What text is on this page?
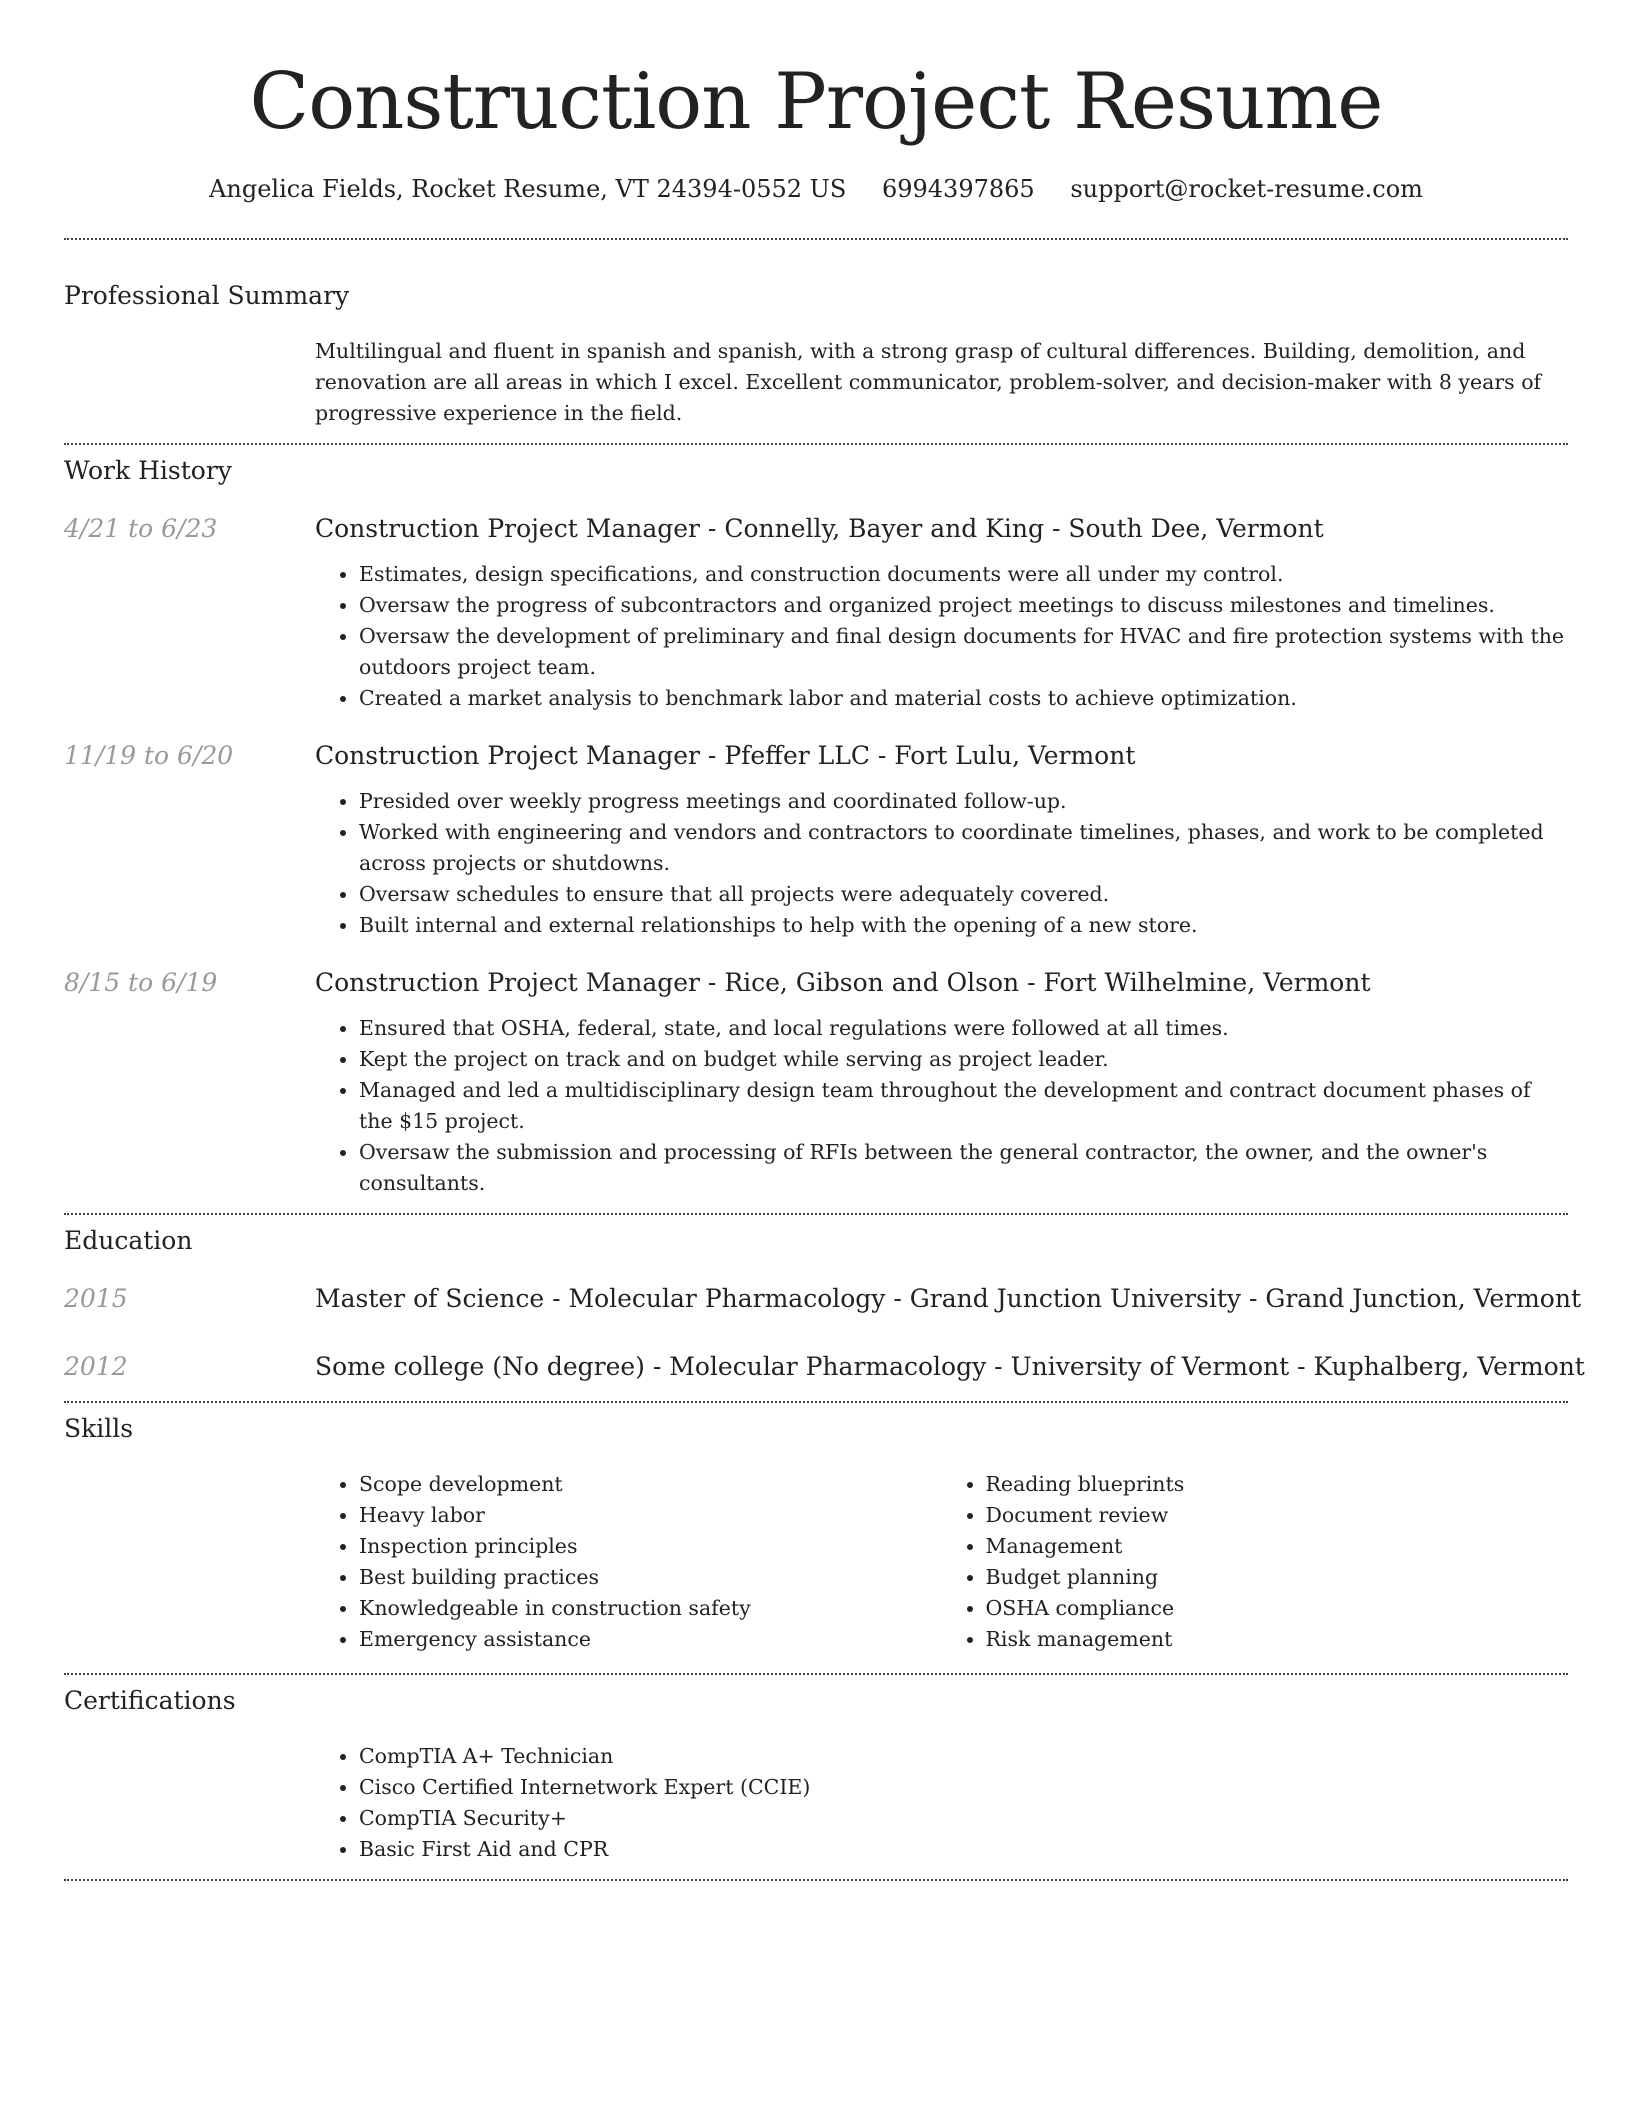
Construction Project Resume
Angelica Fields, Rocket Resume, VT 24394-0552 US 6994397865 support@rocket-resume.com
Professional Summary
Multilingual and fluent in spanish and spanish, with a strong grasp of cultural differences. Building, demolition, and renovation are all areas in which I excel. Excellent communicator, problem-solver, and decision-maker with 8 years of progressive experience in the field.
Work History
4/21 to 6/23	Construction Project Manager - Connelly, Bayer and King - South Dee, Vermont
• Estimates, design specifications, and construction documents were all under my control.
• Oversaw the progress of subcontractors and organized project meetings to discuss milestones and timelines.
• Oversaw the development of preliminary and final design documents for HVAC and fire protection systems with the outdoors project team.
• Created a market analysis to benchmark labor and material costs to achieve optimization.
11/19 to 6/20	Construction Project Manager - Pfeffer LLC - Fort Lulu, Vermont
• Presided over weekly progress meetings and coordinated follow-up.
• Worked with engineering and vendors and contractors to coordinate timelines, phases, and work to be completed across projects or shutdowns.
• Oversaw schedules to ensure that all projects were adequately covered.
• Built internal and external relationships to help with the opening of a new store.
8/15 to 6/19	Construction Project Manager - Rice, Gibson and Olson - Fort Wilhelmine, Vermont
• Ensured that OSHA, federal, state, and local regulations were followed at all times.
• Kept the project on track and on budget while serving as project leader.
• Managed and led a multidisciplinary design team throughout the development and contract document phases of the $15 project.
• Oversaw the submission and processing of RFIs between the general contractor, the owner, and the owner's consultants.
Education
2015	Master of Science - Molecular Pharmacology - Grand Junction University - Grand Junction, Vermont
2012	Some college (No degree) - Molecular Pharmacology - University of Vermont - Kuphalberg, Vermont
Skills
• Scope development
• Heavy labor
• Inspection principles
• Best building practices
• Knowledgeable in construction safety
• Emergency assistance
• Reading blueprints
• Document review
• Management
• Budget planning
• OSHA compliance
• Risk management
Certifications
• CompTIA A+ Technician
• Cisco Certified Internetwork Expert (CCIE)
• CompTIA Security+
• Basic First Aid and CPR
